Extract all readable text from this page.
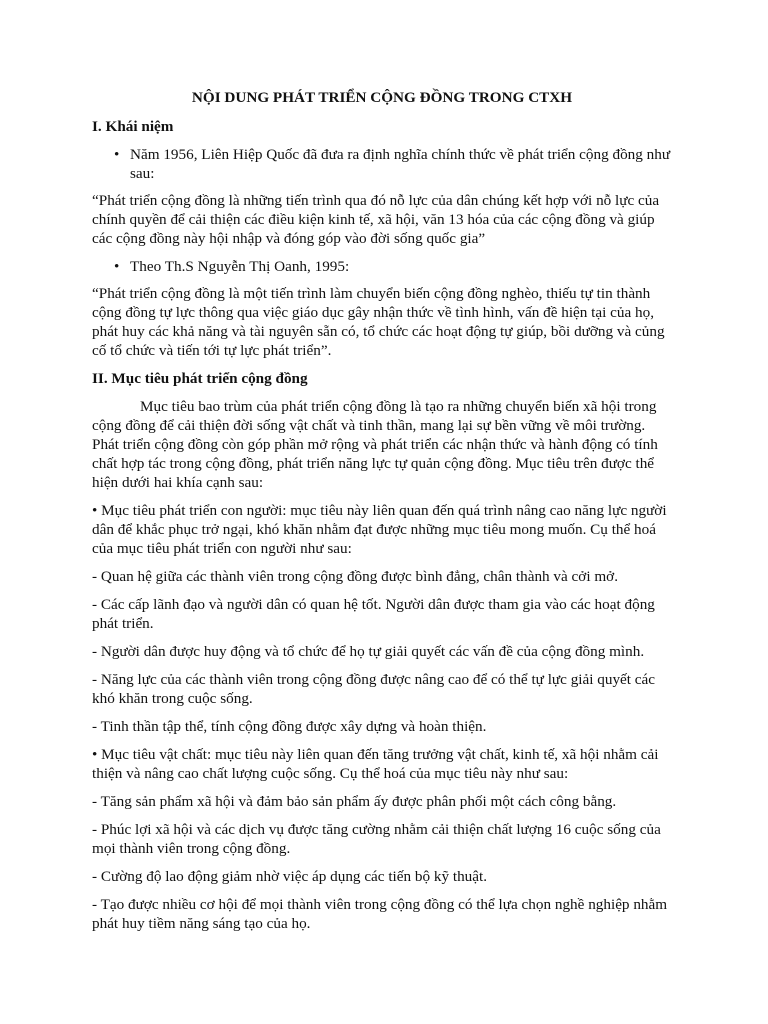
NỘI DUNG PHÁT TRIỂN CỘNG ĐỒNG TRONG CTXH
I. Khái niệm
• Năm 1956, Liên Hiệp Quốc đã đưa ra định nghĩa chính thức về phát triển cộng đồng như sau:
“Phát triển cộng đồng là những tiến trình qua đó nỗ lực của dân chúng kết hợp với nỗ lực của chính quyền để cải thiện các điều kiện kinh tế, xã hội, văn 13 hóa của các cộng đồng và giúp các cộng đồng này hội nhập và đóng góp vào đời sống quốc gia”
• Theo Th.S Nguyễn Thị Oanh, 1995:
“Phát triển cộng đồng là một tiến trình làm chuyển biến cộng đồng nghèo, thiếu tự tin thành cộng đồng tự lực thông qua việc giáo dục gây nhận thức về tình hình, vấn đề hiện tại của họ, phát huy các khả năng và tài nguyên sẵn có, tổ chức các hoạt động tự giúp, bồi dưỡng và củng cố tổ chức và tiến tới tự lực phát triển”.
II. Mục tiêu phát triển cộng đồng
Mục tiêu bao trùm của phát triển cộng đồng là tạo ra những chuyển biến xã hội trong cộng đồng để cải thiện đời sống vật chất và tinh thần, mang lại sự bền vững về môi trường. Phát triển cộng đồng còn góp phần mở rộng và phát triển các nhận thức và hành động có tính chất hợp tác trong cộng đồng, phát triển năng lực tự quản cộng đồng. Mục tiêu trên được thể hiện dưới hai khía cạnh sau:
• Mục tiêu phát triển con người: mục tiêu này liên quan đến quá trình nâng cao năng lực người dân để khắc phục trở ngại, khó khăn nhằm đạt được những mục tiêu mong muốn. Cụ thể hoá của mục tiêu phát triển con người như sau:
- Quan hệ giữa các thành viên trong cộng đồng được bình đẳng, chân thành và cởi mở.
- Các cấp lãnh đạo và người dân có quan hệ tốt. Người dân được tham gia vào các hoạt động phát triển.
- Người dân được huy động và tổ chức để họ tự giải quyết các vấn đề của cộng đồng mình.
- Năng lực của các thành viên trong cộng đồng được nâng cao để có thể tự lực giải quyết các khó khăn trong cuộc sống.
- Tinh thần tập thể, tính cộng đồng được xây dựng và hoàn thiện.
• Mục tiêu vật chất: mục tiêu này liên quan đến tăng trưởng vật chất, kinh tế, xã hội nhằm cải thiện và nâng cao chất lượng cuộc sống. Cụ thể hoá của mục tiêu này như sau:
- Tăng sản phẩm xã hội và đảm bảo sản phẩm ấy được phân phối một cách công bằng.
- Phúc lợi xã hội và các dịch vụ được tăng cường nhằm cải thiện chất lượng 16 cuộc sống của mọi thành viên trong cộng đồng.
- Cường độ lao động giảm nhờ việc áp dụng các tiến bộ kỹ thuật.
- Tạo được nhiều cơ hội để mọi thành viên trong cộng đồng có thể lựa chọn nghề nghiệp nhằm phát huy tiềm năng sáng tạo của họ.
